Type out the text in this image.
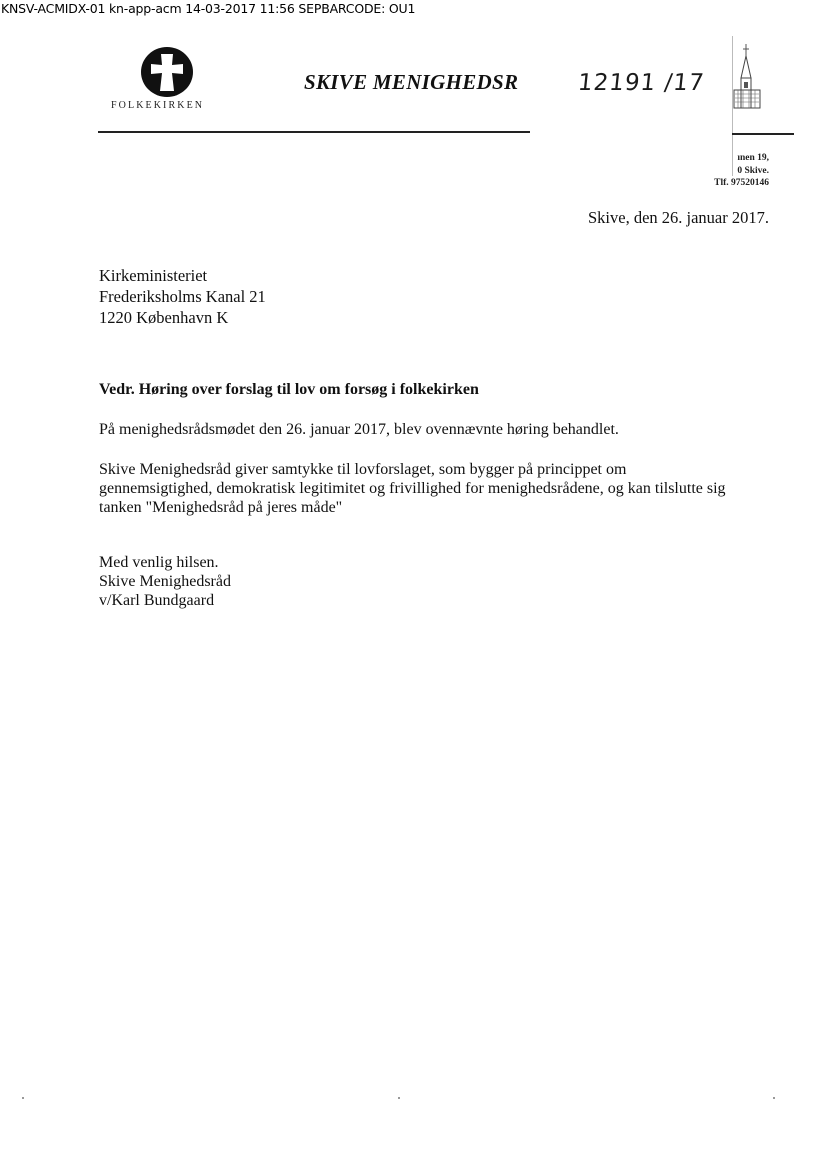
KNSV-ACMIDX-01 kn-app-acm 14-03-2017 11:56 SEPBARCODE: OU1
FOLKEKIRKEN
SKIVE MENIGHEDSR	12191 /17
ınen 19,
0 Skive.
Tlf. 97520146
Skive, den 26. januar 2017.
Kirkeministeriet
Frederiksholms Kanal 21
1220 København K
Vedr. Høring over forslag til lov om forsøg i folkekirken
På menighedsrådsmødet den 26. januar 2017, blev ovennævnte høring behandlet.
Skive Menighedsråd giver samtykke til lovforslaget, som bygger på princippet om
gennemsigtighed, demokratisk legitimitet og frivillighed for menighedsrådene, og kan tilslutte sig
tanken "Menighedsråd på jeres måde"
Med venlig hilsen.
Skive Menighedsråd
v/Karl Bundgaard
